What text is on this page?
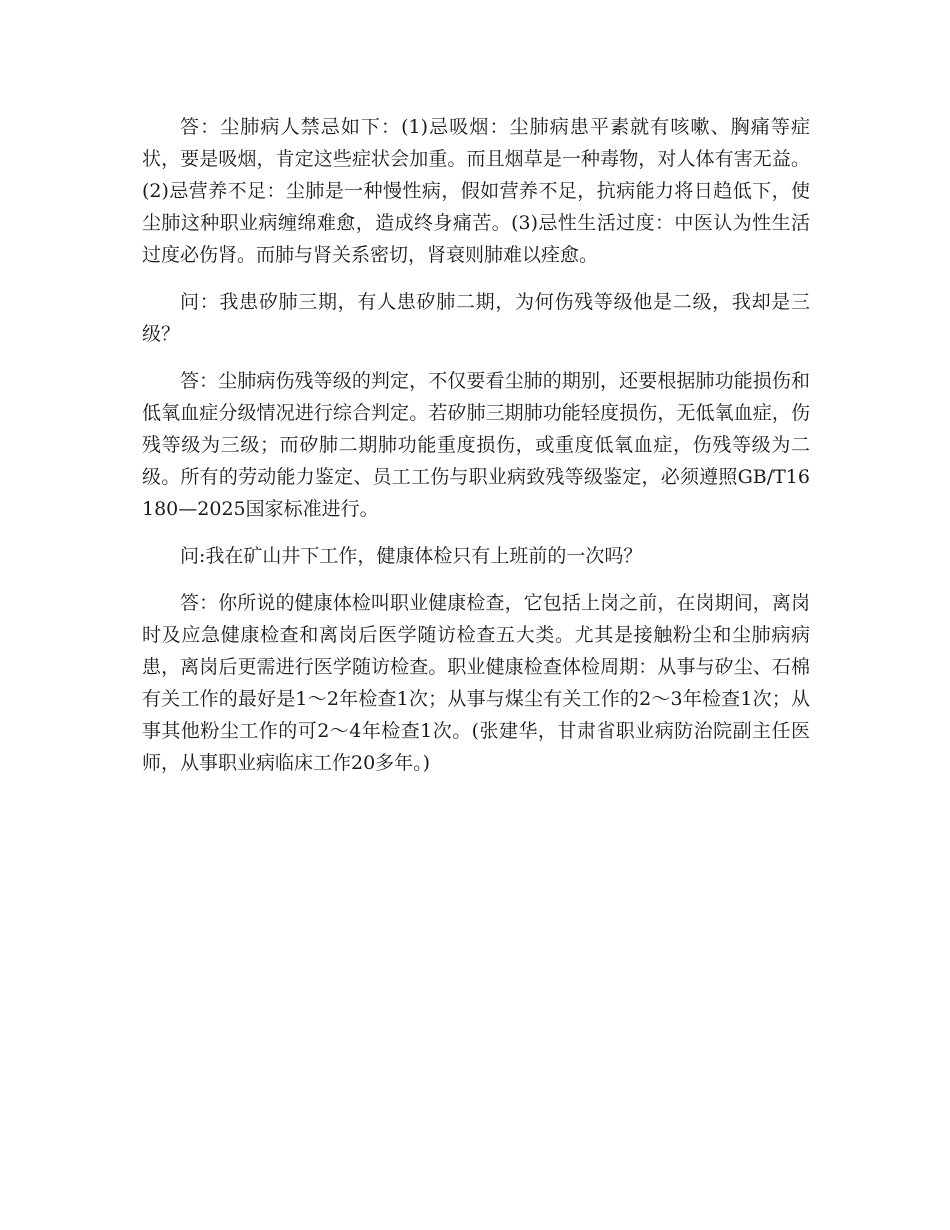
答：尘肺病人禁忌如下：(1)忌吸烟：尘肺病患平素就有咳嗽、胸痛等症状，要是吸烟，肯定这些症状会加重。而且烟草是一种毒物，对人体有害无益。(2)忌营养不足：尘肺是一种慢性病，假如营养不足，抗病能力将日趋低下，使尘肺这种职业病缠绵难愈，造成终身痛苦。(3)忌性生活过度：中医认为性生活过度必伤肾。而肺与肾关系密切，肾衰则肺难以痊愈。

问：我患矽肺三期，有人患矽肺二期，为何伤残等级他是二级，我却是三级？

答：尘肺病伤残等级的判定，不仅要看尘肺的期别，还要根据肺功能损伤和低氧血症分级情况进行综合判定。若矽肺三期肺功能轻度损伤，无低氧血症，伤残等级为三级；而矽肺二期肺功能重度损伤，或重度低氧血症，伤残等级为二级。所有的劳动能力鉴定、员工工伤与职业病致残等级鉴定，必须遵照GB/T16180—2025国家标准进行。

问:我在矿山井下工作，健康体检只有上班前的一次吗？

答：你所说的健康体检叫职业健康检查，它包括上岗之前，在岗期间，离岗时及应急健康检查和离岗后医学随访检查五大类。尤其是接触粉尘和尘肺病病患，离岗后更需进行医学随访检查。职业健康检查体检周期：从事与矽尘、石棉有关工作的最好是1～2年检查1次；从事与煤尘有关工作的2～3年检查1次；从事其他粉尘工作的可2～4年检查1次。(张建华，甘肃省职业病防治院副主任医师，从事职业病临床工作20多年。)
